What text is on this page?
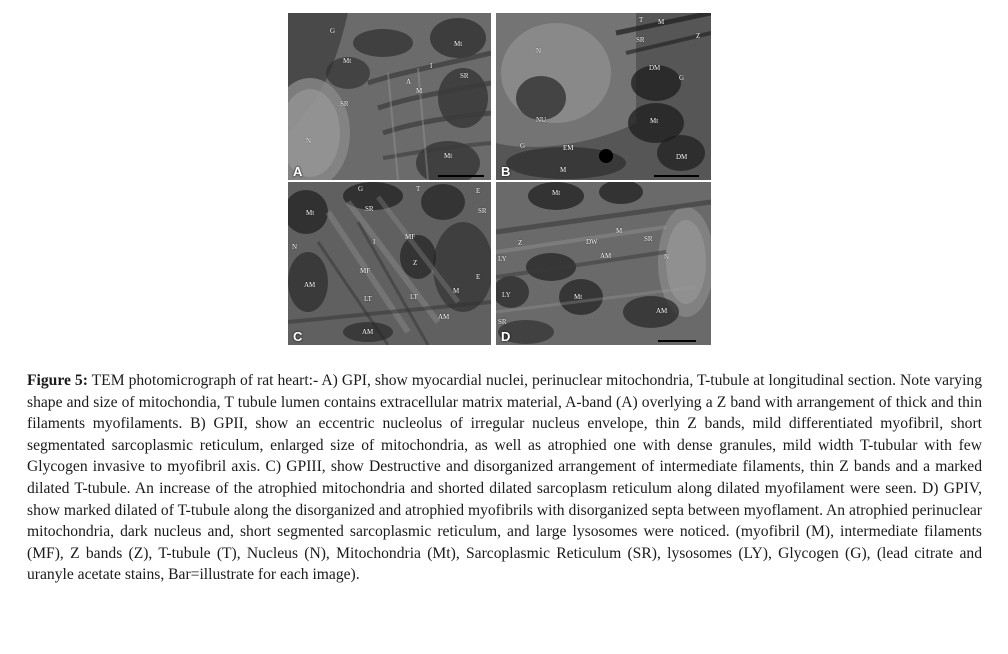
G
Mt
Mt
SR
I
A
M
SR
N
Mt
A
T M
SR	Z
N
DM
G
NU	Mt
G	EM
DM
M
B
G	T	E
Mt	SR	SR
MF
I
N
MF
Z
E
AM
LT	LT
M
AM
AM
C
Mt
M
SR
DW
Z
AM	N
LY
LY	Mt
AM
SR
D

Figure 5: TEM photomicrograph of rat heart:- A) GPI, show myocardial nuclei, perinuclear mitochondria, T-tubule at longitudinal section. Note varying shape and size of mitochondia, T tubule lumen contains extracellular matrix material, A-band (A) overlying a Z band with arrangement of thick and thin filaments myofilaments. B) GPII, show an eccentric nucleolus of irregular nucleus envelope, thin Z bands, mild differentiated myofibril, short segmentated sarcoplasmic reticulum, enlarged size of mitochondria, as well as atrophied one with dense granules, mild width T-tubular with few Glycogen invasive to myofibril axis. C) GPIII, show Destructive and disorganized arrangement of intermediate filaments, thin Z bands and a marked dilated T-tubule. An increase of the atrophied mitochondria and shorted dilated sarcoplasm reticulum along dilated myofilament were seen. D) GPIV, show marked dilated of T-tubule along the disorganized and atrophied myofibrils with disorganized septa between myoflament. An atrophied perinuclear mitochondria, dark nucleus and, short segmented sarcoplasmic reticulum, and large lysosomes were noticed. (myofibril (M), intermediate filaments (MF), Z bands (Z), T-tubule (T), Nucleus (N), Mitochondria (Mt), Sarcoplasmic Reticulum (SR), lysosomes (LY), Glycogen (G), (lead citrate and uranyle acetate stains, Bar=illustrate for each image).
